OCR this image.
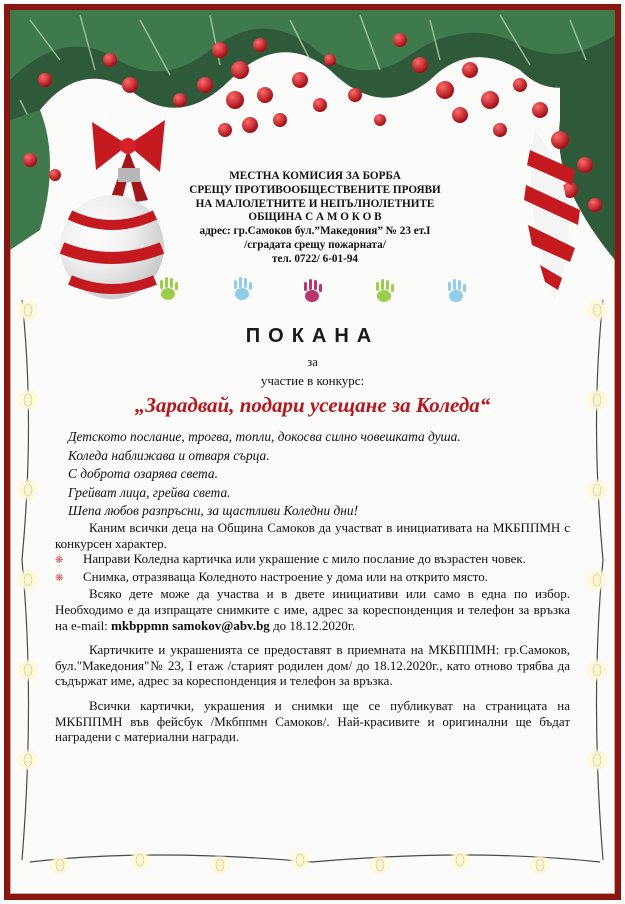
МЕСТНА КОМИСИЯ ЗА БОРБА
СРЕЩУ ПРОТИВООБЩЕСТВЕНИТЕ ПРОЯВИ
НА МАЛОЛЕТНИТЕ И НЕПЪЛНОЛЕТНИТЕ
ОБЩИНА С А М О К О В
адрес: гр.Самоков бул.”Македония” № 23 ет.I
/сградата срещу пожарната/
тел. 0722/ 6-01-94
ПОКАНА
за
участие в конкурс:
„Зарадвай, подари усещане за Коледа“
Детското послание, трогва, топли, докосва силно човешката душа.
Коледа наближава и отваря сърца.
С доброта озарява света.
Грейват лица, грейва света.
Шепа любов разпръсни, за щастливи Коледни дни!

Каним всички деца на Община Самоков да участват в инициативата на МКБППМН с конкурсен характер.

❋ Направи Коледна картичка или украшение с мило послание до възрастен човек.

❋ Снимка, отразяваща Коледното настроение у дома или на открито място.

Всяко дете може да участва и в двете инициативи или само в една по избор. Необходимо е да изпращате снимките с име, адрес за кореспонденция и телефон за връзка на e-mail: mkbppmn samokov@abv.bg до 18.12.2020г.

Картичките и украшенията се предоставят в приемната на МКБППМН: гр.Самоков, бул."Македония"№ 23, I етаж /старият родилен дом/ до 18.12.2020г., като отново трябва да съдържат име, адрес за кореспонденция и телефон за връзка.

Всички картички, украшения и снимки ще се публикуват на страницата на МКБППМН във фейсбук /Мкбппмн Самоков/. Най-красивите и оригинални ще бъдат наградени с материални награди.
